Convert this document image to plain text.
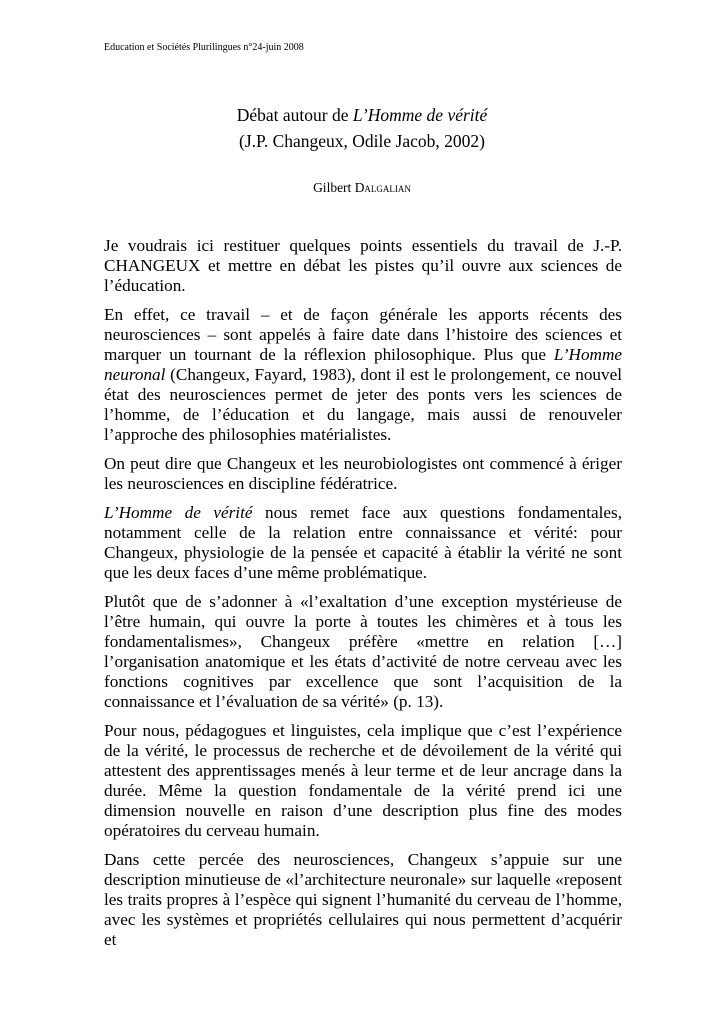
Education et Sociétés Plurilingues n°24-juin 2008
Débat autour de L’Homme de vérité
(J.P. Changeux, Odile Jacob, 2002)
Gilbert Dalgalian

Je voudrais ici restituer quelques points essentiels du travail de J.-P. CHANGEUX et mettre en débat les pistes qu’il ouvre aux sciences de l’éducation.

En effet, ce travail – et de façon générale les apports récents des neurosciences – sont appelés à faire date dans l’histoire des sciences et marquer un tournant de la réflexion philosophique. Plus que L’Homme neuronal (Changeux, Fayard, 1983), dont il est le prolongement, ce nouvel état des neurosciences permet de jeter des ponts vers les sciences de l’homme, de l’éducation et du langage, mais aussi de renouveler l’approche des philosophies matérialistes.

On peut dire que Changeux et les neurobiologistes ont commencé à ériger les neurosciences en discipline fédératrice.

L’Homme de vérité nous remet face aux questions fondamentales, notamment celle de la relation entre connaissance et vérité: pour Changeux, physiologie de la pensée et capacité à établir la vérité ne sont que les deux faces d’une même problématique.

Plutôt que de s’adonner à «l’exaltation d’une exception mystérieuse de l’être humain, qui ouvre la porte à toutes les chimères et à tous les fondamentalismes», Changeux préfère «mettre en relation […] l’organisation anatomique et les états d’activité de notre cerveau avec les fonctions cognitives par excellence que sont l’acquisition de la connaissance et l’évaluation de sa vérité» (p. 13).

Pour nous, pédagogues et linguistes, cela implique que c’est l’expérience de la vérité, le processus de recherche et de dévoilement de la vérité qui attestent des apprentissages menés à leur terme et de leur ancrage dans la durée. Même la question fondamentale de la vérité prend ici une dimension nouvelle en raison d’une description plus fine des modes opératoires du cerveau humain.

Dans cette percée des neurosciences, Changeux s’appuie sur une description minutieuse de «l’architecture neuronale» sur laquelle «reposent les traits propres à l’espèce qui signent l’humanité du cerveau de l’homme, avec les systèmes et propriétés cellulaires qui nous permettent d’acquérir et
